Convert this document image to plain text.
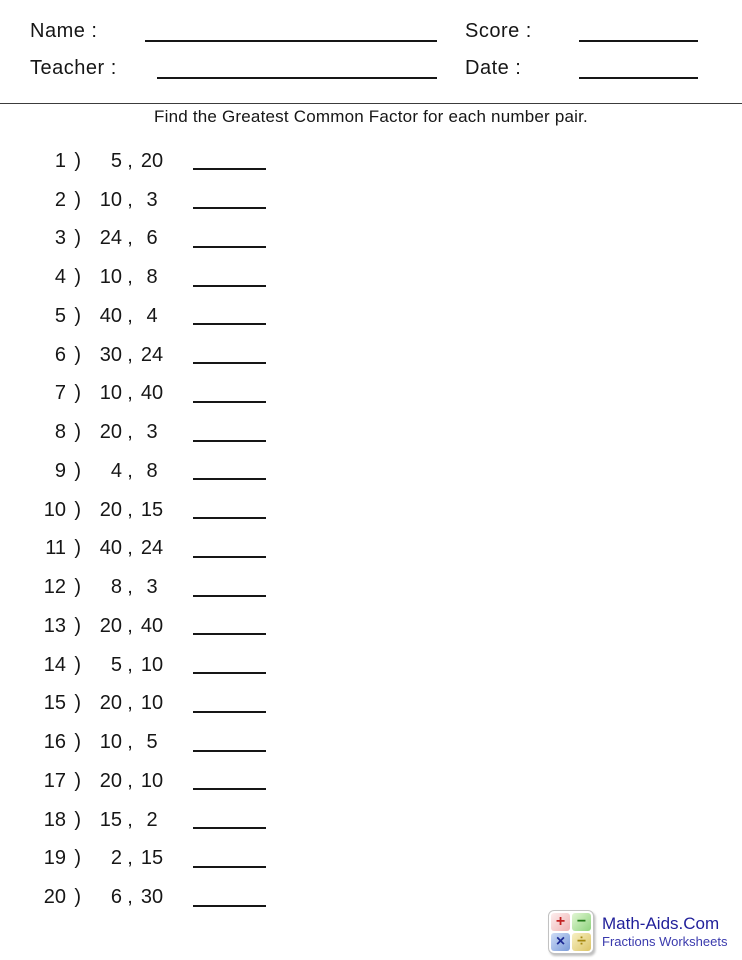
Name :	Score :
Teacher :	Date :
Find the Greatest Common Factor for each number pair.
1 )	5 , 20
2 ) 10 , 3
3 ) 24 , 6
4 ) 10 , 8
5 ) 40 , 4
6 ) 30 , 24
7 ) 10 , 40
8 ) 20 , 3
9 )	4 , 8
10 ) 20 , 15
11 ) 40 , 24
12 )	8 , 3
13 ) 20 , 40
14 )	5 , 10
15 ) 20 , 10
16 ) 10 , 5
17 ) 20 , 10
18 ) 15 , 2
19 )	2 , 15
20 )	6 , 30
+ −
× ÷
Math-Aids.Com
Fractions Worksheets
